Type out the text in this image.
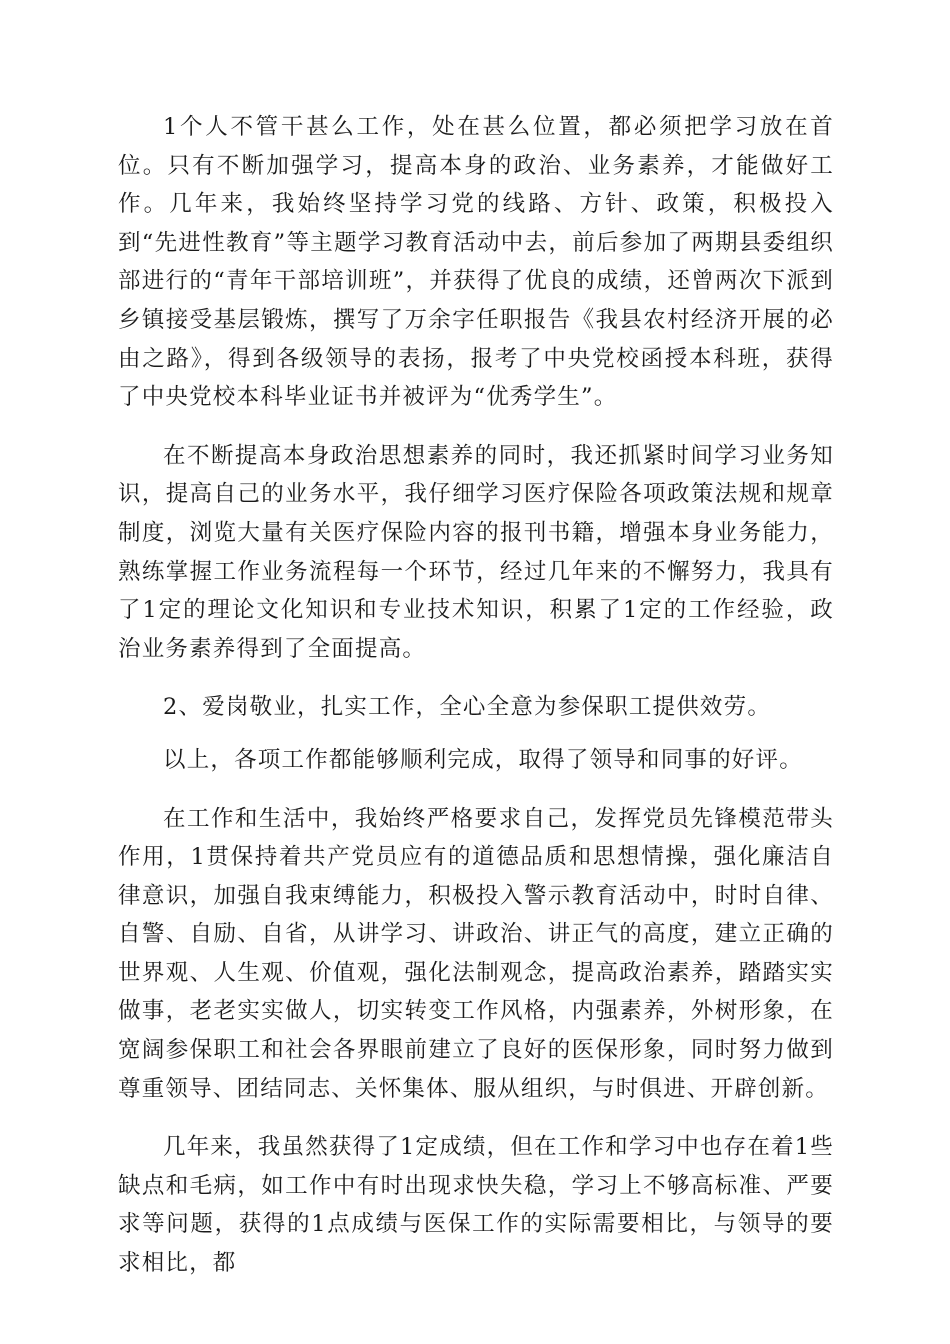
1个人不管干甚么工作，处在甚么位置，都必须把学习放在首位。只有不断加强学习，提高本身的政治、业务素养，才能做好工作。几年来，我始终坚持学习党的线路、方针、政策，积极投入到“先进性教育”等主题学习教育活动中去，前后参加了两期县委组织部进行的“青年干部培训班”，并获得了优良的成绩，还曾两次下派到乡镇接受基层锻炼，撰写了万余字任职报告《我县农村经济开展的必由之路》，得到各级领导的表扬，报考了中央党校函授本科班，获得了中央党校本科毕业证书并被评为“优秀学生”。

在不断提高本身政治思想素养的同时，我还抓紧时间学习业务知识，提高自己的业务水平，我仔细学习医疗保险各项政策法规和规章制度，浏览大量有关医疗保险内容的报刊书籍，增强本身业务能力，熟练掌握工作业务流程每一个环节，经过几年来的不懈努力，我具有了1定的理论文化知识和专业技术知识，积累了1定的工作经验，政治业务素养得到了全面提高。

2、爱岗敬业，扎实工作，全心全意为参保职工提供效劳。

以上，各项工作都能够顺利完成，取得了领导和同事的好评。

在工作和生活中，我始终严格要求自己，发挥党员先锋模范带头作用，1贯保持着共产党员应有的道德品质和思想情操，强化廉洁自律意识，加强自我束缚能力，积极投入警示教育活动中，时时自律、自警、自励、自省，从讲学习、讲政治、讲正气的高度，建立正确的世界观、人生观、价值观，强化法制观念，提高政治素养，踏踏实实做事，老老实实做人，切实转变工作风格，内强素养，外树形象，在宽阔参保职工和社会各界眼前建立了良好的医保形象，同时努力做到尊重领导、团结同志、关怀集体、服从组织，与时俱进、开辟创新。

几年来，我虽然获得了1定成绩，但在工作和学习中也存在着1些缺点和毛病，如工作中有时出现求快失稳，学习上不够高标准、严要求等问题，获得的1点成绩与医保工作的实际需要相比，与领导的要求相比，都
